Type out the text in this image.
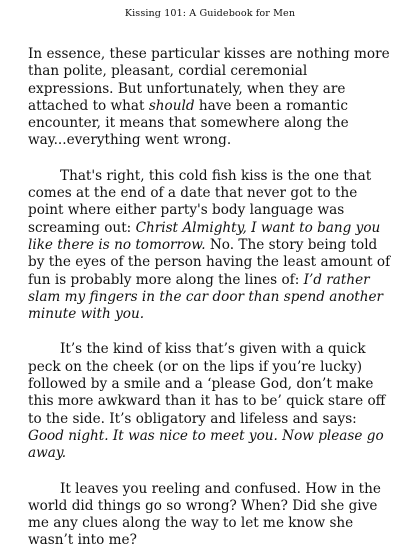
Kissing 101: A Guidebook for Men

In essence, these particular kisses are nothing more than polite, pleasant, cordial ceremonial expressions. But unfortunately, when they are attached to what should have been a romantic encounter, it means that somewhere along the way...everything went wrong.

That's right, this cold fish kiss is the one that comes at the end of a date that never got to the point where either party's body language was screaming out: Christ Almighty, I want to bang you like there is no tomorrow. No. The story being told by the eyes of the person having the least amount of fun is probably more along the lines of: I’d rather slam my fingers in the car door than spend another minute with you.

It’s the kind of kiss that’s given with a quick peck on the cheek (or on the lips if you’re lucky) followed by a smile and a ‘please God, don’t make this more awkward than it has to be’ quick stare off to the side. It’s obligatory and lifeless and says: Good night. It was nice to meet you. Now please go away.

It leaves you reeling and confused. How in the world did things go so wrong? When? Did she give me any clues along the way to let me know she wasn’t into me?
